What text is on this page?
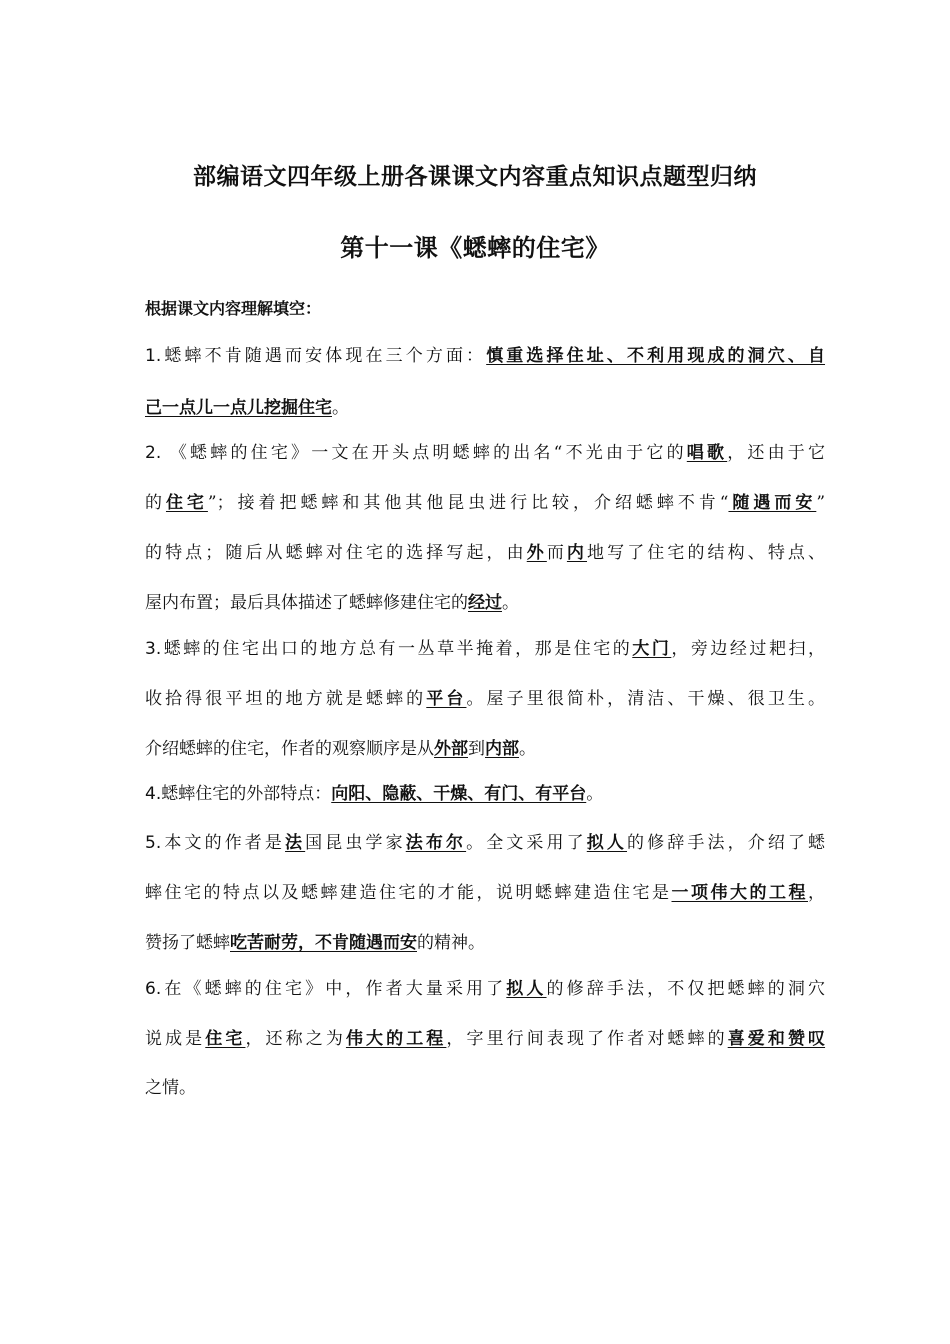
部编语文四年级上册各课课文内容重点知识点题型归纳
第十一课《蟋蟀的住宅》

根据课文内容理解填空：

1.蟋蟀不肯随遇而安体现在三个方面：慎重选择住址、不利用现成的洞穴、自

己一点儿一点儿挖掘住宅。

2. 《蟋蟀的住宅》一文在开头点明蟋蟀的出名“不光由于它的唱歌，还由于它

的住宅”；接着把蟋蟀和其他其他昆虫进行比较，介绍蟋蟀不肯“随遇而安”

的特点；随后从蟋蟀对住宅的选择写起，由外而内地写了住宅的结构、特点、

屋内布置；最后具体描述了蟋蟀修建住宅的经过。

3.蟋蟀的住宅出口的地方总有一丛草半掩着，那是住宅的大门，旁边经过耙扫，

收拾得很平坦的地方就是蟋蟀的平台。屋子里很简朴，清洁、干燥、很卫生。

介绍蟋蟀的住宅，作者的观察顺序是从外部到内部。

4.蟋蟀住宅的外部特点：向阳、隐蔽、干燥、有门、有平台。

5.本文的作者是法国昆虫学家法布尔。全文采用了拟人的修辞手法，介绍了蟋

蟀住宅的特点以及蟋蟀建造住宅的才能，说明蟋蟀建造住宅是一项伟大的工程，

赞扬了蟋蟀吃苦耐劳，不肯随遇而安的精神。

6.在《蟋蟀的住宅》中，作者大量采用了拟人的修辞手法，不仅把蟋蟀的洞穴

说成是住宅，还称之为伟大的工程，字里行间表现了作者对蟋蟀的喜爱和赞叹

之情。
